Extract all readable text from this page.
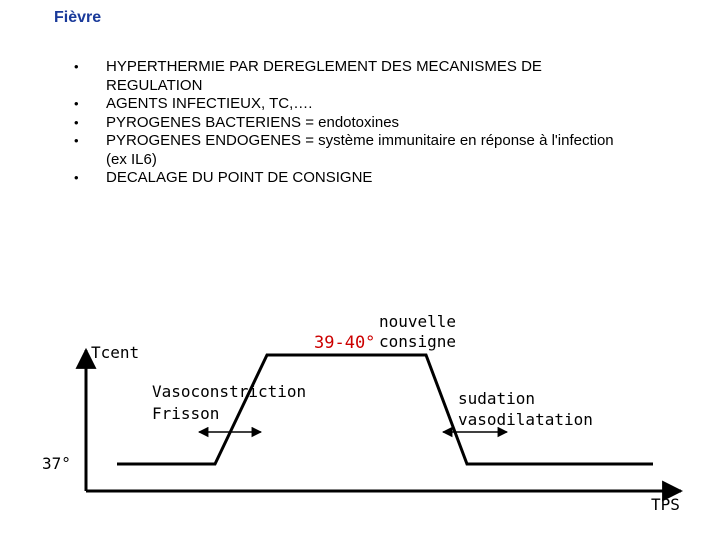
Fièvre
• HYPERTHERMIE PAR DEREGLEMENT DES MECANISMES DE REGULATION
• AGENTS INFECTIEUX, TC,….
• PYROGENES BACTERIENS = endotoxines
• PYROGENES ENDOGENES = système immunitaire en réponse à l'infection (ex IL6)
• DECALAGE DU POINT DE CONSIGNE
Tcent
TPS
37°
39-40°
nouvelle
consigne
Vasoconstriction
Frisson
sudation
vasodilatation
